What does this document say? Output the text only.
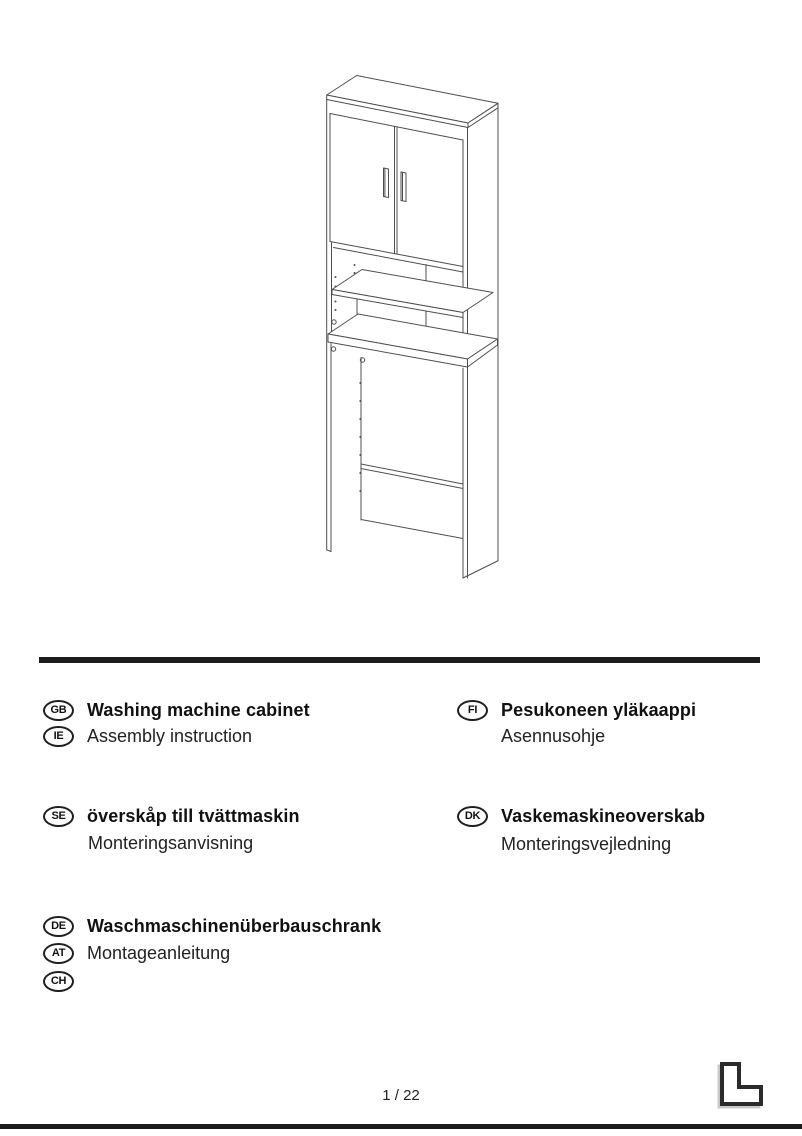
GB	Washing machine cabinet
IE	Assembly instruction
FI	Pesukoneen yläkaappi
Asennusohje
SE	överskåp till tvättmaskin
Monteringsanvisning
DK	Vaskemaskineoverskab
Monteringsvejledning
DE	Waschmaschinenüberbauschrank
AT	Montageanleitung
CH
1 / 22
